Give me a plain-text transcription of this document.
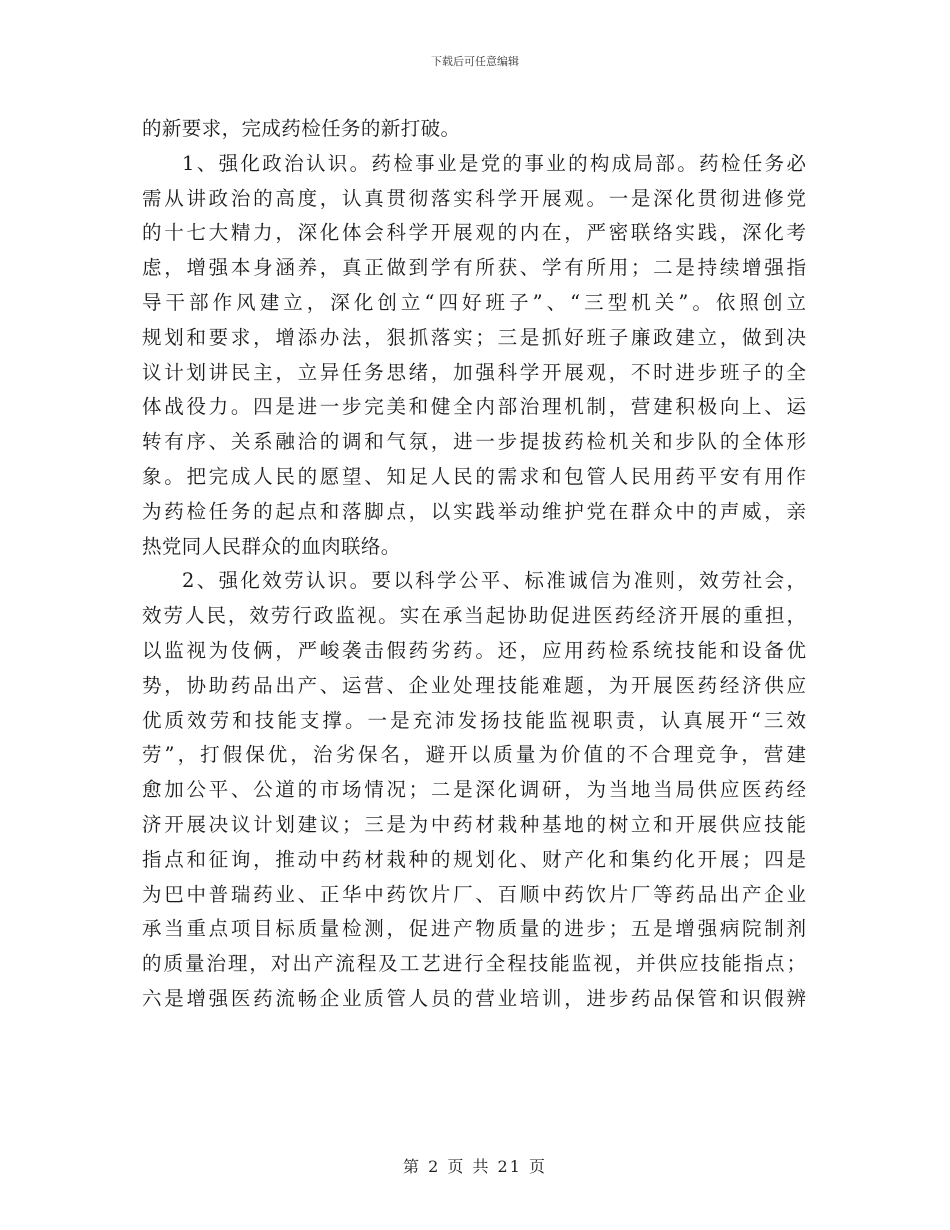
下载后可任意编辑
的新要求，完成药检任务的新打破。
1、强化政治认识。药检事业是党的事业的构成局部。药检任务必
需从讲政治的高度，认真贯彻落实科学开展观。一是深化贯彻进修党
的十七大精力，深化体会科学开展观的内在，严密联络实践，深化考
虑，增强本身涵养，真正做到学有所获、学有所用；二是持续增强指
导干部作风建立，深化创立“四好班子”、“三型机关”。依照创立
规划和要求，增添办法，狠抓落实；三是抓好班子廉政建立，做到决
议计划讲民主，立异任务思绪，加强科学开展观，不时进步班子的全
体战役力。四是进一步完美和健全内部治理机制，营建积极向上、运
转有序、关系融洽的调和气氛，进一步提拔药检机关和步队的全体形
象。把完成人民的愿望、知足人民的需求和包管人民用药平安有用作
为药检任务的起点和落脚点，以实践举动维护党在群众中的声威，亲
热党同人民群众的血肉联络。
2、强化效劳认识。要以科学公平、标准诚信为准则，效劳社会，
效劳人民，效劳行政监视。实在承当起协助促进医药经济开展的重担，
以监视为伎俩，严峻袭击假药劣药。还，应用药检系统技能和设备优
势，协助药品出产、运营、企业处理技能难题，为开展医药经济供应
优质效劳和技能支撑。一是充沛发扬技能监视职责，认真展开“三效
劳”，打假保优，治劣保名，避开以质量为价值的不合理竞争，营建
愈加公平、公道的市场情况；二是深化调研，为当地当局供应医药经
济开展决议计划建议；三是为中药材栽种基地的树立和开展供应技能
指点和征询，推动中药材栽种的规划化、财产化和集约化开展；四是
为巴中普瑞药业、正华中药饮片厂、百顺中药饮片厂等药品出产企业
承当重点项目标质量检测，促进产物质量的进步；五是增强病院制剂
的质量治理，对出产流程及工艺进行全程技能监视，并供应技能指点；
六是增强医药流畅企业质管人员的营业培训，进步药品保管和识假辨
第 2 页 共 21 页
